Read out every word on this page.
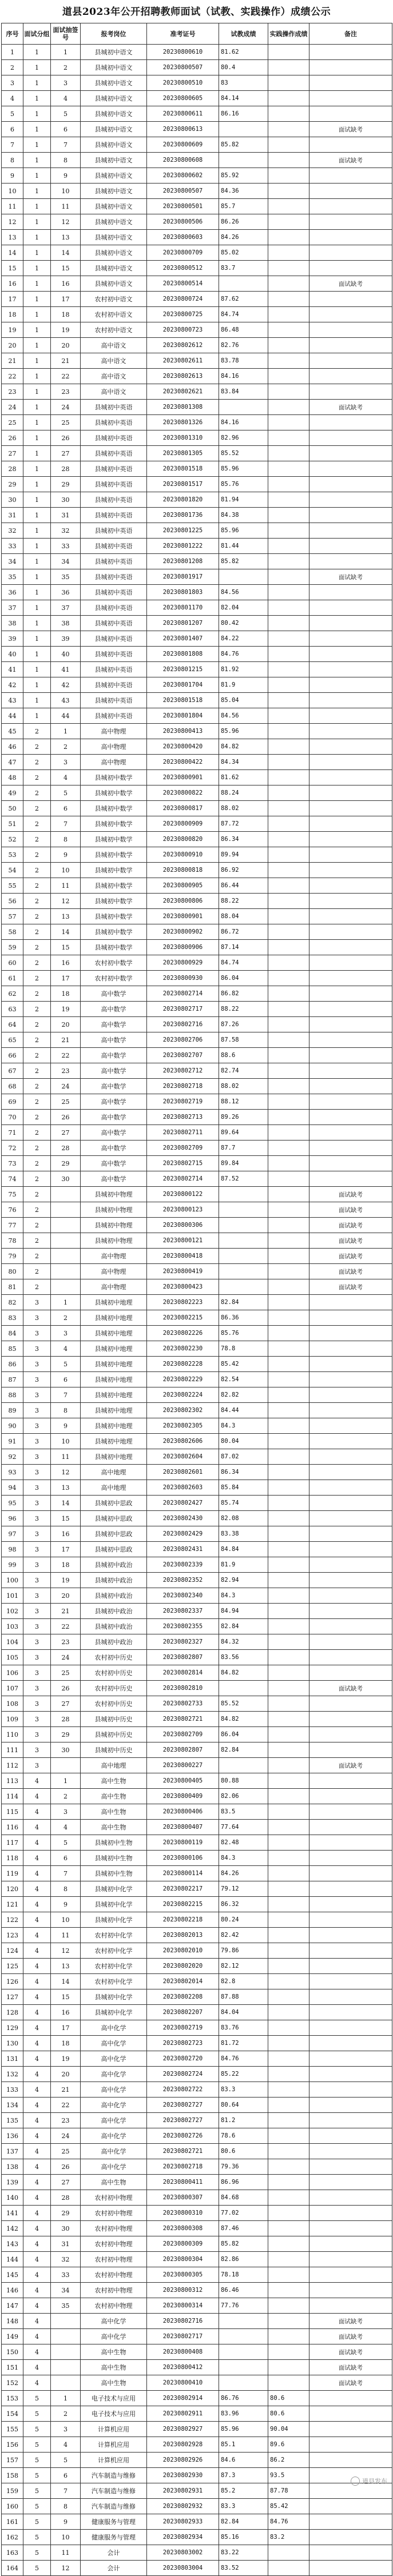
道县2023年公开招聘教师面试（试教、实践操作）成绩公示
序号	面试分组	面试抽签号	报考岗位	准考证号	试教成绩	实践操作成绩	备注
1	1	1	县城初中语文	20230800610	81.62		
2	1	2	县城初中语文	20230800507	80.4		
3	1	3	县城初中语文	20230800510	83		
4	1	4	县城初中语文	20230800605	84.14		
5	1	5	县城初中语文	20230800611	86.16		
6	1	6	县城初中语文	20230800613			面试缺考
7	1	7	县城初中语文	20230800609	85.82		
8	1	8	县城初中语文	20230800608			面试缺考
9	1	9	县城初中语文	20230800602	85.92		
10	1	10	县城初中语文	20230800507	84.36		
11	1	11	县城初中语文	20230800501	85.7		
12	1	12	县城初中语文	20230800506	86.26		
13	1	13	县城初中语文	20230800603	84.26		
14	1	14	县城初中语文	20230800709	85.02		
15	1	15	县城初中语文	20230800512	83.7		
16	1	16	县城初中语文	20230800514			面试缺考
17	1	17	农村初中语文	20230800724	87.62		
18	1	18	农村初中语文	20230800725	84.74		
19	1	19	农村初中语文	20230800723	86.48		
20	1	20	高中语文	20230802612	82.76		
21	1	21	高中语文	20230802611	83.78		
22	1	22	高中语文	20230802613	84.16		
23	1	23	高中语文	20230802621	83.84		
24	1	24	县城初中英语	20230801308			面试缺考
25	1	25	县城初中英语	20230801326	84.16		
26	1	26	县城初中英语	20230801310	82.96		
27	1	27	县城初中英语	20230801305	85.52		
28	1	28	县城初中英语	20230801518	85.96		
29	1	29	县城初中英语	20230801517	85.76		
30	1	30	县城初中英语	20230801820	81.94		
31	1	31	县城初中英语	20230801736	84.38		
32	1	32	县城初中英语	20230801225	85.96		
33	1	33	县城初中英语	20230801222	81.44		
34	1	34	县城初中英语	20230801208	85.82		
35	1	35	县城初中英语	20230801917			面试缺考
36	1	36	县城初中英语	20230801803	84.56		
37	1	37	县城初中英语	20230801170	82.04		
38	1	38	县城初中英语	20230801207	80.42		
39	1	39	县城初中英语	20230801407	84.22		
40	1	40	县城初中英语	20230801808	84.76		
41	1	41	县城初中英语	20230801215	81.92		
42	1	42	县城初中英语	20230801704	81.9		
43	1	43	县城初中英语	20230801518	85.04		
44	1	44	县城初中英语	20230801804	84.56		
45	2	1	高中物理	20230800413	85.96		
46	2	2	高中物理	20230800420	84.82		
47	2	3	高中物理	20230800422	84.34		
48	2	4	县城初中数学	20230800901	81.62		
49	2	5	县城初中数学	20230800822	88.24		
50	2	6	县城初中数学	20230800817	88.02		
51	2	7	县城初中数学	20230800909	87.72		
52	2	8	县城初中数学	20230800820	86.34		
53	2	9	县城初中数学	20230800910	89.94		
54	2	10	县城初中数学	20230800818	86.92		
55	2	11	县城初中数学	20230800905	86.44		
56	2	12	县城初中数学	20230800806	88.22		
57	2	13	县城初中数学	20230800901	88.04		
58	2	14	县城初中数学	20230800902	86.72		
59	2	15	县城初中数学	20230800906	87.14		
60	2	16	农村初中数学	20230800929	84.74		
61	2	17	农村初中数学	20230800930	86.04		
62	2	18	高中数学	20230802714	86.82		
63	2	19	高中数学	20230802717	88.22		
64	2	20	高中数学	20230802716	87.26		
65	2	21	高中数学	20230802706	87.58		
66	2	22	高中数学	20230802707	88.6		
67	2	23	高中数学	20230802712	82.74		
68	2	24	高中数学	20230802718	88.02		
69	2	25	高中数学	20230802719	88.12		
70	2	26	高中数学	20230802713	89.26		
71	2	27	高中数学	20230802711	89.64		
72	2	28	高中数学	20230802709	87.7		
73	2	29	高中数学	20230802715	89.84		
74	2	30	高中数学	20230802714	87.52		
75	2		县城初中物理	20230800122			面试缺考
76	2		县城初中物理	20230800123			面试缺考
77	2		县城初中物理	20230800306			面试缺考
78	2		县城初中物理	20230800121			面试缺考
79	2		高中物理	20230800418			面试缺考
80	2		高中物理	20230800419			面试缺考
81	2		高中物理	20230800423			面试缺考
82	3	1	县城初中地理	20230802223	82.84		
83	3	2	县城初中地理	20230802215	86.36		
84	3	3	县城初中地理	20230802226	85.76		
85	3	4	县城初中地理	20230802230	78.8		
86	3	5	县城初中地理	20230802228	85.42		
87	3	6	县城初中地理	20230802229	82.54		
88	3	7	县城初中地理	20230802224	82.82		
89	3	8	县城初中地理	20230802302	84.44		
90	3	9	县城初中地理	20230802305	84.3		
91	3	10	县城初中地理	20230802606	80.04		
92	3	11	县城初中地理	20230802604	87.02		
93	3	12	高中地理	20230802601	86.34		
94	3	13	高中地理	20230802603	85.84		
95	3	14	县城初中思政	20230802427	85.74		
96	3	15	县城初中思政	20230802430	82.08		
97	3	16	县城初中思政	20230802429	83.38		
98	3	17	县城初中思政	20230802431	84.84		
99	3	18	县城初中政治	20230802339	81.9		
100	3	19	县城初中政治	20230802352	82.94		
101	3	20	县城初中政治	20230802340	84.3		
102	3	21	县城初中政治	20230802337	84.94		
103	3	22	县城初中政治	20230802355	82.84		
104	3	23	县城初中政治	20230802327	84.32		
105	3	24	农村初中历史	20230802807	83.56		
106	3	25	农村初中历史	20230802814	84.82		
107	3	26	农村初中历史	20230802810			面试缺考
108	3	27	农村初中历史	20230802733	85.52		
109	3	28	县城初中历史	20230802721	84.82		
110	3	29	县城初中历史	20230802709	86.04		
111	3	30	县城初中历史	20230802807	82.84		
112	3		高中地理	20230800227			面试缺考
113	4	1	高中生物	20230800405	80.88		
114	4	2	高中生物	20230800409	82.06		
115	4	3	高中生物	20230800406	83.5		
116	4	4	高中生物	20230800407	77.64		
117	4	5	县城初中生物	20230800119	82.48		
118	4	6	县城初中生物	20230800106	84.3		
119	4	7	县城初中生物	20230800114	84.26		
120	4	8	县城初中化学	20230802217	79.12		
121	4	9	县城初中化学	20230802215	86.32		
122	4	10	县城初中化学	20230802218	80.24		
123	4	11	农村初中化学	20230802013	82.42		
124	4	12	农村初中化学	20230802010	79.86		
125	4	13	农村初中化学	20230802020	82.12		
126	4	14	农村初中化学	20230802014	82.8		
127	4	15	县城初中化学	20230802208	87.88		
128	4	16	县城初中化学	20230802207	84.04		
129	4	17	高中化学	20230802719	83.76		
130	4	18	高中化学	20230802723	81.72		
131	4	19	高中化学	20230802720	84.76		
132	4	20	高中化学	20230802724	85.22		
133	4	21	高中化学	20230802722	83.3		
134	4	22	高中化学	20230802727	80.64		
135	4	23	高中化学	20230802727	81.2		
136	4	24	高中化学	20230802726	78.6		
137	4	25	高中化学	20230802721	80.6		
138	4	26	高中化学	20230802718	79.36		
139	4	27	高中生物	20230800411	86.96		
140	4	28	农村初中物理	20230800307	84.68		
141	4	29	农村初中物理	20230800310	77.02		
142	4	30	农村初中物理	20230800308	87.46		
143	4	31	农村初中物理	20230800309	85.82		
144	4	32	农村初中物理	20230800304	82.86		
145	4	33	农村初中物理	20230800305	78.18		
146	4	34	农村初中物理	20230800312	86.46		
147	4	35	农村初中物理	20230800314	77.76		
148	4		高中化学	20230802716			面试缺考
149	4		高中化学	20230802717			面试缺考
150	4		高中生物	20230800408			面试缺考
151	4		高中生物	20230800412			面试缺考
152	4		高中生物	20230800410			面试缺考
153	5	1	电子技术与应用	20230802914	86.76	80.6	
154	5	2	电子技术与应用	20230802911	83.96	80.6	
155	5	3	计算机应用	20230802927	85.96	90.04	
156	5	4	计算机应用	20230802928	85.1	89.6	
157	5	5	计算机应用	20230802926	84.6	86.2	
158	5	6	汽车制造与维修	20230802930	87.3	93.5	
159	5	7	汽车制造与维修	20230802931	85.2	87.78	
160	5	8	汽车制造与维修	20230802932	83.3	85.42	
161	5	9	健康服务与管理	20230802933	82.84	84.76	
162	5	10	健康服务与管理	20230802934	85.16	83.2	
163	5	11	会计	20230803002	83.22		
164	5	12	会计	20230803004	83.52		
道县发布
